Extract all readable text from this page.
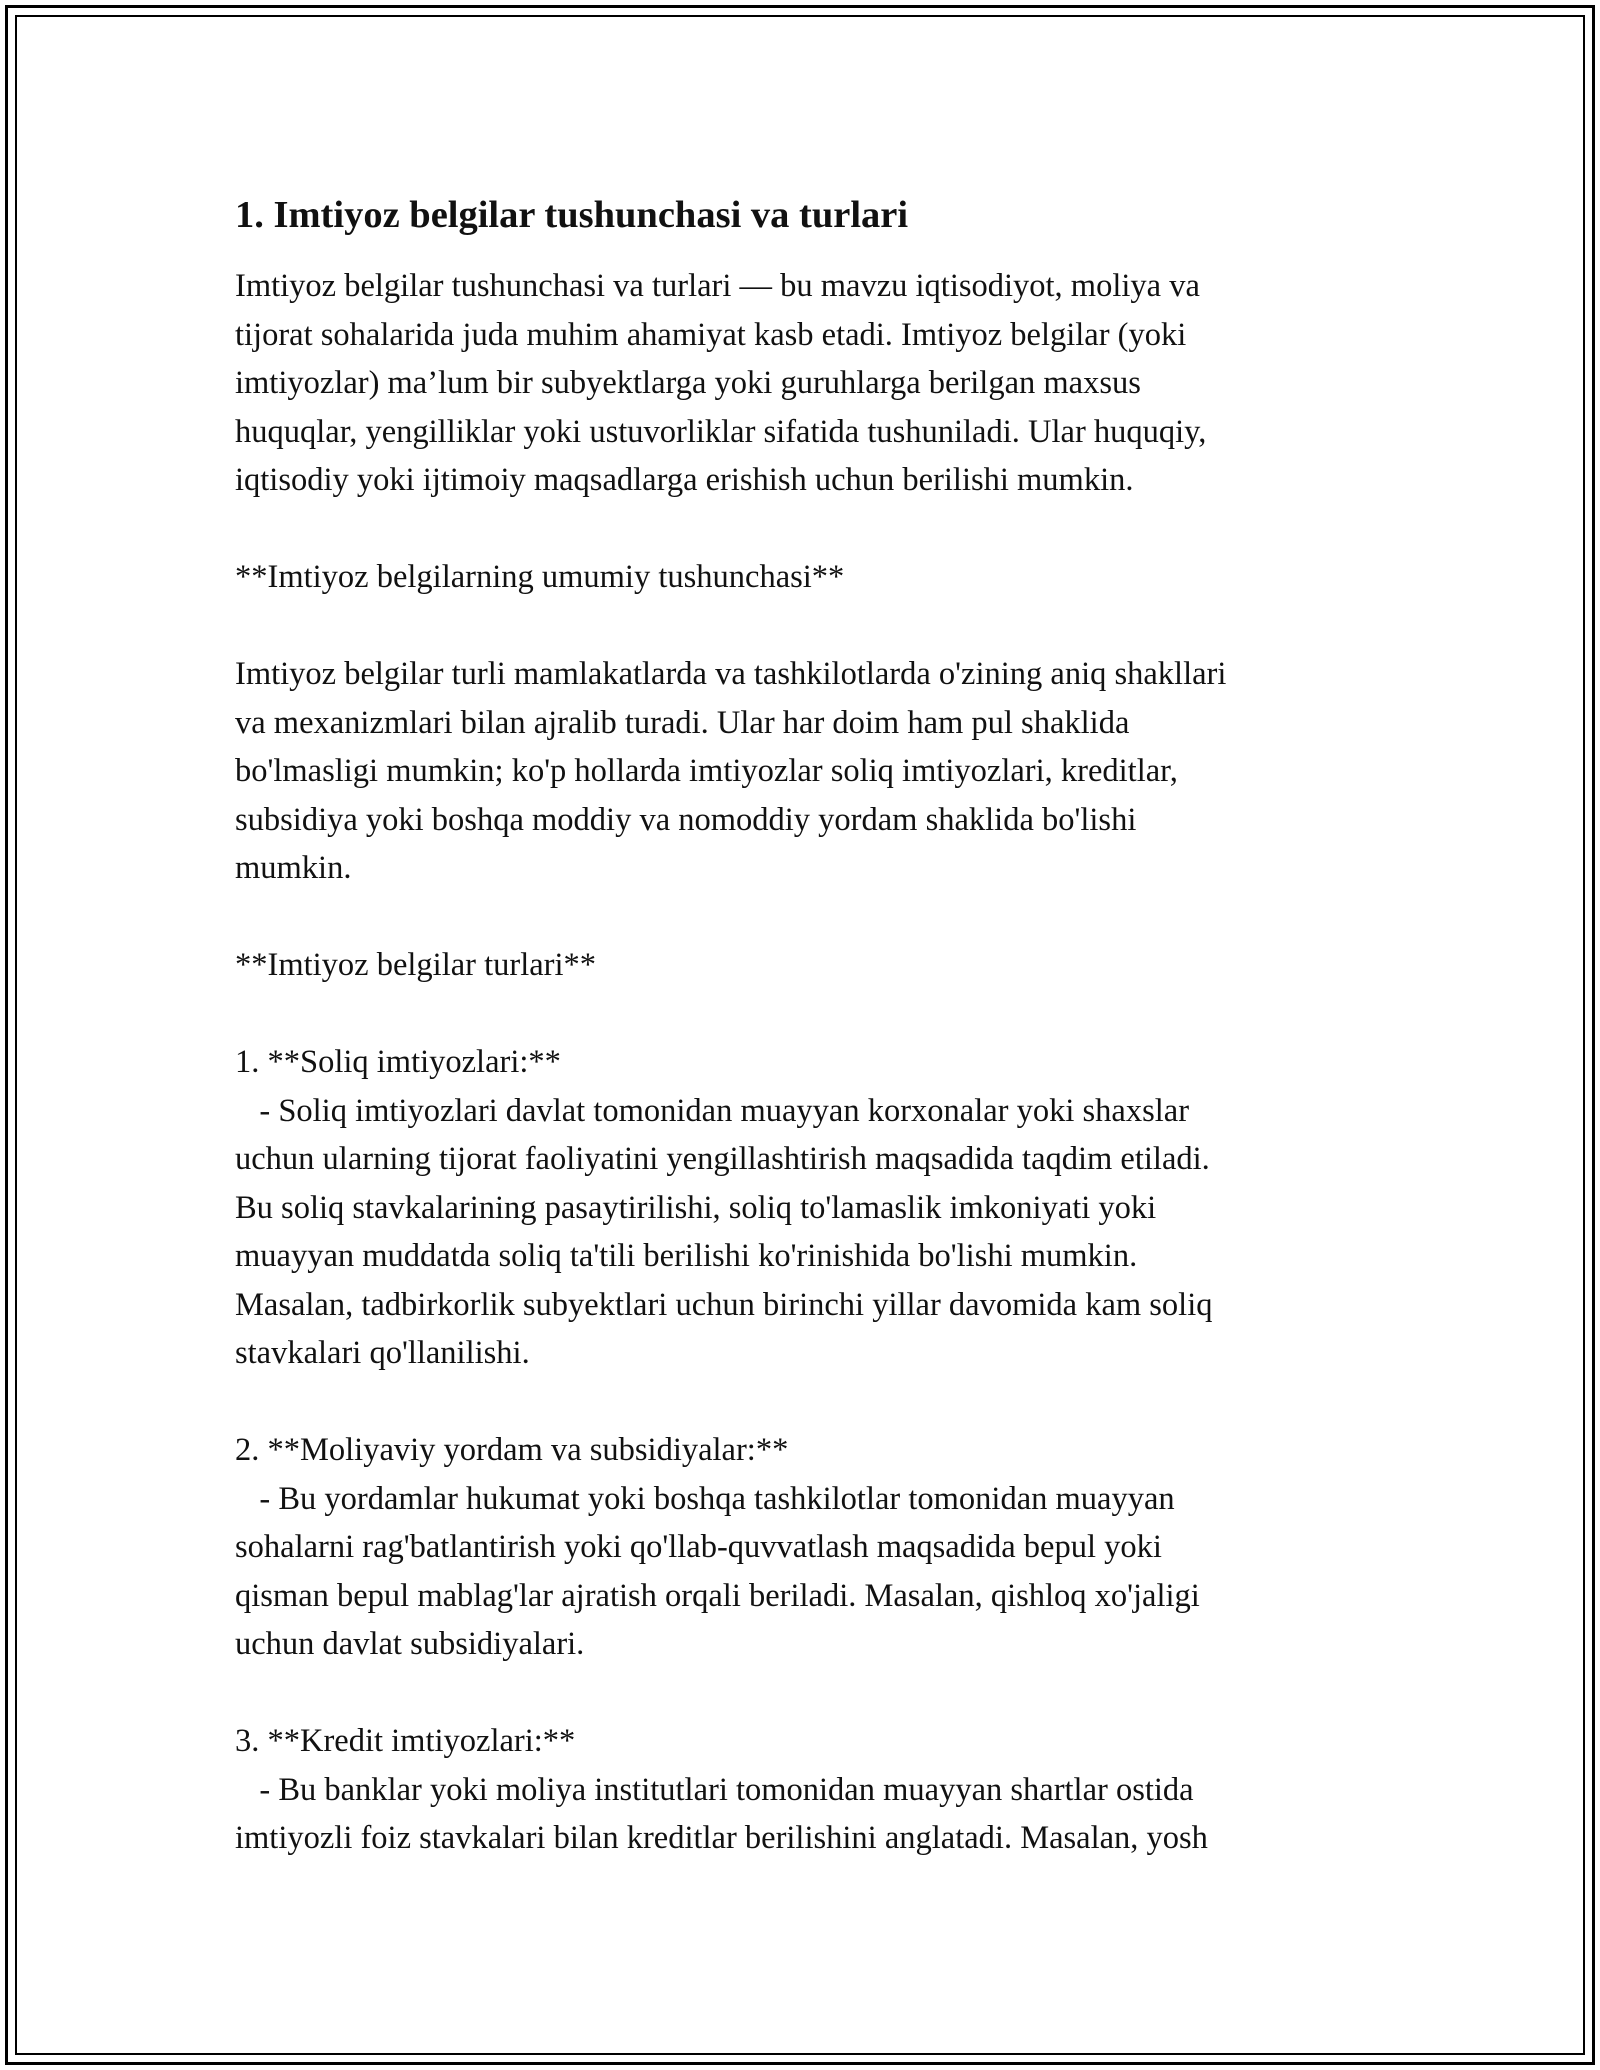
1. Imtiyoz belgilar tushunchasi va turlari
Imtiyoz belgilar tushunchasi va turlari — bu mavzu iqtisodiyot, moliya va
tijorat sohalarida juda muhim ahamiyat kasb etadi. Imtiyoz belgilar (yoki
imtiyozlar) ma’lum bir subyektlarga yoki guruhlarga berilgan maxsus
huquqlar, yengilliklar yoki ustuvorliklar sifatida tushuniladi. Ular huquqiy,
iqtisodiy yoki ijtimoiy maqsadlarga erishish uchun berilishi mumkin.
**Imtiyoz belgilarning umumiy tushunchasi**
Imtiyoz belgilar turli mamlakatlarda va tashkilotlarda o'zining aniq shakllari
va mexanizmlari bilan ajralib turadi. Ular har doim ham pul shaklida
bo'lmasligi mumkin; ko'p hollarda imtiyozlar soliq imtiyozlari, kreditlar,
subsidiya yoki boshqa moddiy va nomoddiy yordam shaklida bo'lishi
mumkin.
**Imtiyoz belgilar turlari**
1. **Soliq imtiyozlari:**
- Soliq imtiyozlari davlat tomonidan muayyan korxonalar yoki shaxslar
uchun ularning tijorat faoliyatini yengillashtirish maqsadida taqdim etiladi.
Bu soliq stavkalarining pasaytirilishi, soliq to'lamaslik imkoniyati yoki
muayyan muddatda soliq ta'tili berilishi ko'rinishida bo'lishi mumkin.
Masalan, tadbirkorlik subyektlari uchun birinchi yillar davomida kam soliq
stavkalari qo'llanilishi.
2. **Moliyaviy yordam va subsidiyalar:**
- Bu yordamlar hukumat yoki boshqa tashkilotlar tomonidan muayyan
sohalarni rag'batlantirish yoki qo'llab-quvvatlash maqsadida bepul yoki
qisman bepul mablag'lar ajratish orqali beriladi. Masalan, qishloq xo'jaligi
uchun davlat subsidiyalari.
3. **Kredit imtiyozlari:**
- Bu banklar yoki moliya institutlari tomonidan muayyan shartlar ostida
imtiyozli foiz stavkalari bilan kreditlar berilishini anglatadi. Masalan, yosh
